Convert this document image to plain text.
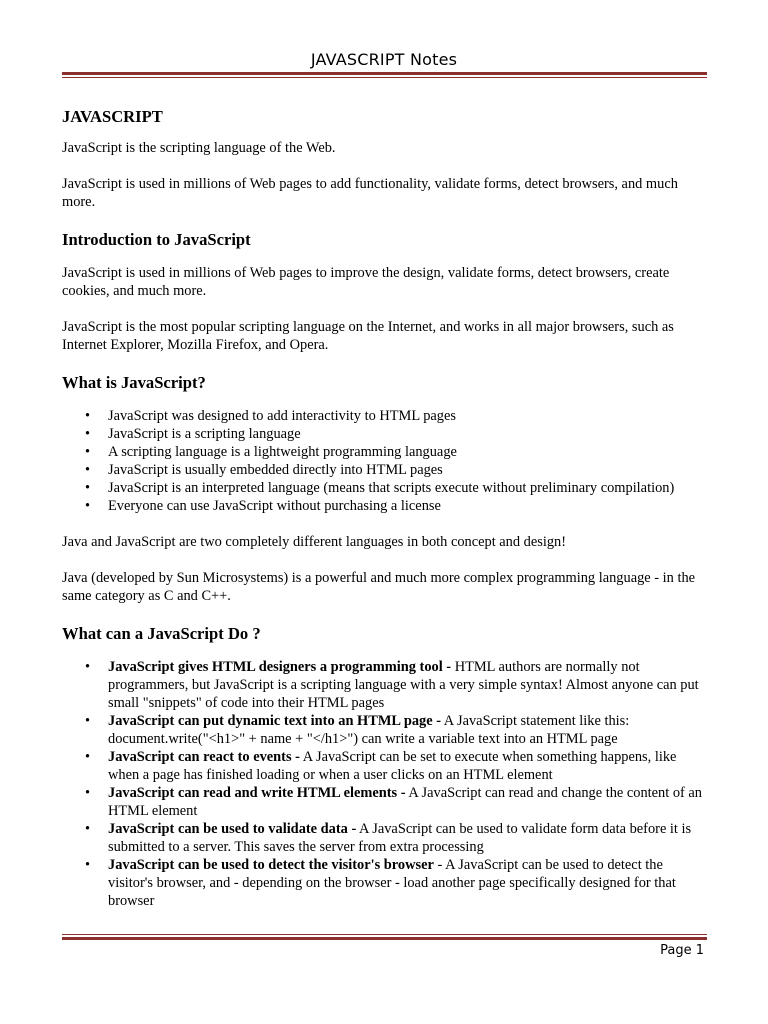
JAVASCRIPT Notes
JAVASCRIPT

JavaScript is the scripting language of the Web.

JavaScript is used in millions of Web pages to add functionality, validate forms, detect browsers, and much more.

Introduction to JavaScript

JavaScript is used in millions of Web pages to improve the design, validate forms, detect browsers, create cookies, and much more.

JavaScript is the most popular scripting language on the Internet, and works in all major browsers, such as Internet Explorer, Mozilla Firefox, and Opera.

What is JavaScript?
• JavaScript was designed to add interactivity to HTML pages
• JavaScript is a scripting language
• A scripting language is a lightweight programming language
• JavaScript is usually embedded directly into HTML pages
• JavaScript is an interpreted language (means that scripts execute without preliminary compilation)
• Everyone can use JavaScript without purchasing a license

Java and JavaScript are two completely different languages in both concept and design!

Java (developed by Sun Microsystems) is a powerful and much more complex programming language - in the same category as C and C++.

What can a JavaScript Do ?
• JavaScript gives HTML designers a programming tool - HTML authors are normally not programmers, but JavaScript is a scripting language with a very simple syntax! Almost anyone can put small "snippets" of code into their HTML pages
• JavaScript can put dynamic text into an HTML page - A JavaScript statement like this: document.write("<h1>" + name + "</h1>") can write a variable text into an HTML page
• JavaScript can react to events - A JavaScript can be set to execute when something happens, like when a page has finished loading or when a user clicks on an HTML element
• JavaScript can read and write HTML elements - A JavaScript can read and change the content of an HTML element
• JavaScript can be used to validate data - A JavaScript can be used to validate form data before it is submitted to a server. This saves the server from extra processing
• JavaScript can be used to detect the visitor's browser - A JavaScript can be used to detect the visitor's browser, and - depending on the browser - load another page specifically designed for that browser
Page 1
